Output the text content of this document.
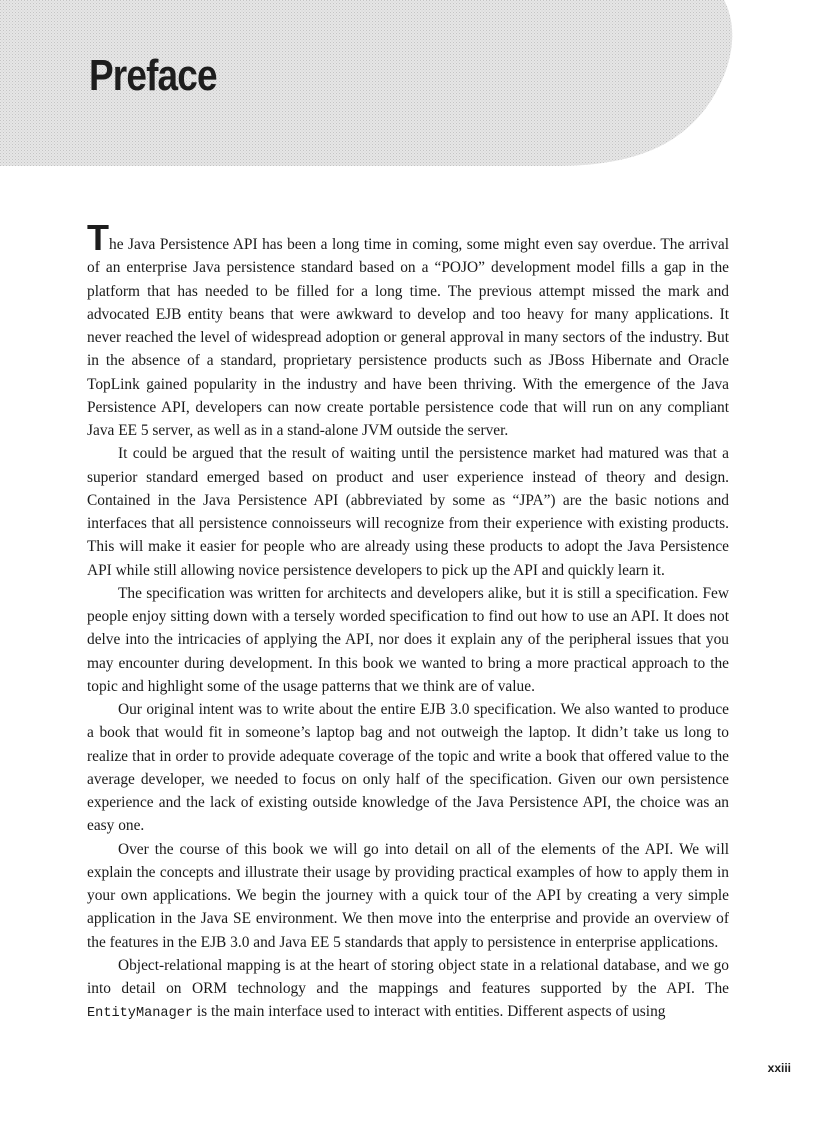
Preface

The Java Persistence API has been a long time in coming, some might even say overdue. The arrival of an enterprise Java persistence standard based on a “POJO” development model fills a gap in the platform that has needed to be filled for a long time. The previous attempt missed the mark and advocated EJB entity beans that were awkward to develop and too heavy for many applications. It never reached the level of widespread adoption or general approval in many sectors of the industry. But in the absence of a standard, proprietary persistence products such as JBoss Hibernate and Oracle TopLink gained popularity in the industry and have been thriving. With the emergence of the Java Persistence API, developers can now create portable persistence code that will run on any compliant Java EE 5 server, as well as in a stand-alone JVM outside the server.

It could be argued that the result of waiting until the persistence market had matured was that a superior standard emerged based on product and user experience instead of theory and design. Contained in the Java Persistence API (abbreviated by some as “JPA”) are the basic notions and interfaces that all persistence connoisseurs will recognize from their experience with existing products. This will make it easier for people who are already using these products to adopt the Java Persistence API while still allowing novice persistence developers to pick up the API and quickly learn it.

The specification was written for architects and developers alike, but it is still a specification. Few people enjoy sitting down with a tersely worded specification to find out how to use an API. It does not delve into the intricacies of applying the API, nor does it explain any of the peripheral issues that you may encounter during development. In this book we wanted to bring a more practical approach to the topic and highlight some of the usage patterns that we think are of value.

Our original intent was to write about the entire EJB 3.0 specification. We also wanted to produce a book that would fit in someone’s laptop bag and not outweigh the laptop. It didn’t take us long to realize that in order to provide adequate coverage of the topic and write a book that offered value to the average developer, we needed to focus on only half of the specification. Given our own persistence experience and the lack of existing outside knowledge of the Java Persistence API, the choice was an easy one.

Over the course of this book we will go into detail on all of the elements of the API. We will explain the concepts and illustrate their usage by providing practical examples of how to apply them in your own applications. We begin the journey with a quick tour of the API by creating a very simple application in the Java SE environment. We then move into the enterprise and provide an overview of the features in the EJB 3.0 and Java EE 5 standards that apply to persistence in enterprise applications.

Object-relational mapping is at the heart of storing object state in a relational database, and we go into detail on ORM technology and the mappings and features supported by the API. The EntityManager is the main interface used to interact with entities. Different aspects of using

xxiii
